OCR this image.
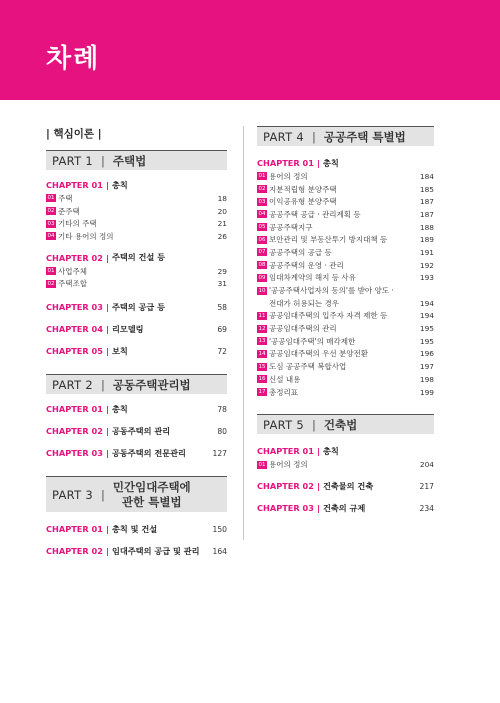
차례
| 핵심이론 |
PART 1 | 주택법
CHAPTER 01 | 총칙
01 주택	18
02 준주택	20
03 기타의 주택	21
04 기타 용어의 정의	26
CHAPTER 02 | 주택의 건설 등
01 사업주체	29
02 주택조합	31
CHAPTER 03 | 주택의 공급 등	58
CHAPTER 04 | 리모델링	69
CHAPTER 05 | 보칙	72
PART 2 | 공동주택관리법
CHAPTER 01 | 총칙	78
CHAPTER 02 | 공동주택의 관리	80
CHAPTER 03 | 공동주택의 전문관리	127
PART 3 |
민간임대주택에
관한 특별법
CHAPTER 01 | 총칙 및 건설	150
CHAPTER 02 | 임대주택의 공급 및 관리 164
PART 4 | 공공주택 특별법
CHAPTER 01 | 총칙
01 용어의 정의	184
02 지분적립형 분양주택	185
03 이익공유형 분양주택	187
04 공공주택 공급 · 관리계획 등	187
05 공공주택지구	188
06 보안관리 및 부동산투기 방지대책 등	189
07 공공주택의 공급 등	191
08 공공주택의 운영 · 관리	192
09 임대차계약의 해지 등 사유	193
10 '공공주택사업자의 동의'를 받아 양도 ·
전대가 허용되는 경우	194
11 공공임대주택의 입주자 자격 제한 등	194
12 공공임대주택의 관리	195
13 '공공임대주택'의 매각제한	195
14 공공임대주택의 우선 분양전환	196
15 도심 공공주택 복합사업	197
16 신설 내용	198
17 총정리표	199
PART 5 | 건축법
CHAPTER 01 | 총칙
01 용어의 정의	204
CHAPTER 02 | 건축물의 건축	217
CHAPTER 03 | 건축의 규제	234
